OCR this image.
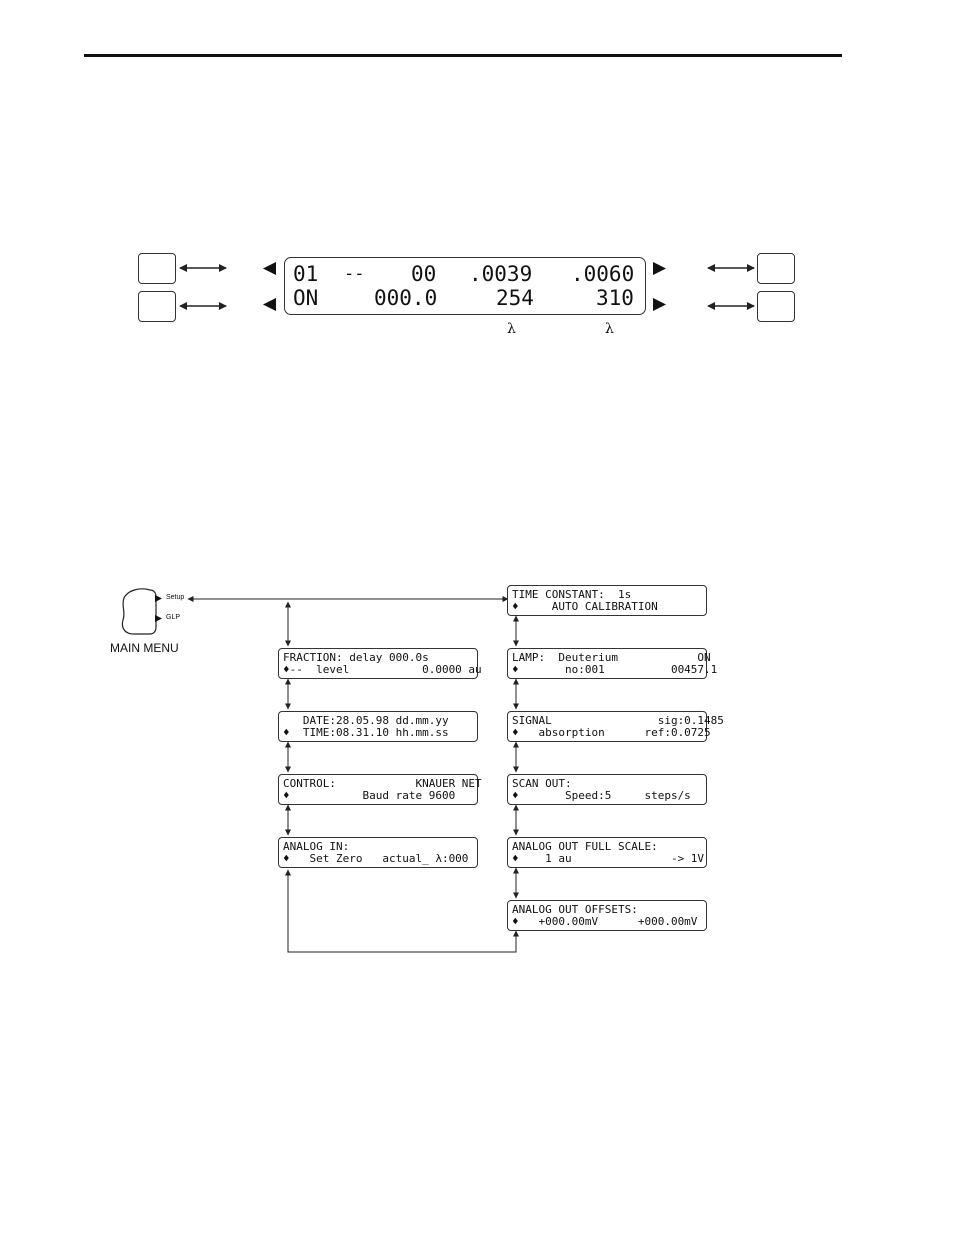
01 -- 00 .0039 .0060
ON	000.0	254	310
λ	λ
Setup
GLP
MAIN MENU
FRACTION: delay 000.0s
♦--  level           0.0000 au
DATE:28.05.98 dd.mm.yy
♦  TIME:08.31.10 hh.mm.ss
CONTROL:            KNAUER NET
♦           Baud rate 9600
ANALOG IN:
♦   Set Zero   actual_ λ:000
TIME CONSTANT:  1s
♦     AUTO CALIBRATION
LAMP:  Deuterium            ON
♦       no:001          00457.1
SIGNAL                sig:0.1485
♦   absorption      ref:0.0725
SCAN OUT:
♦       Speed:5     steps/s
ANALOG OUT FULL SCALE:
♦    1 au               -> 1V
ANALOG OUT OFFSETS:
♦   +000.00mV      +000.00mV
